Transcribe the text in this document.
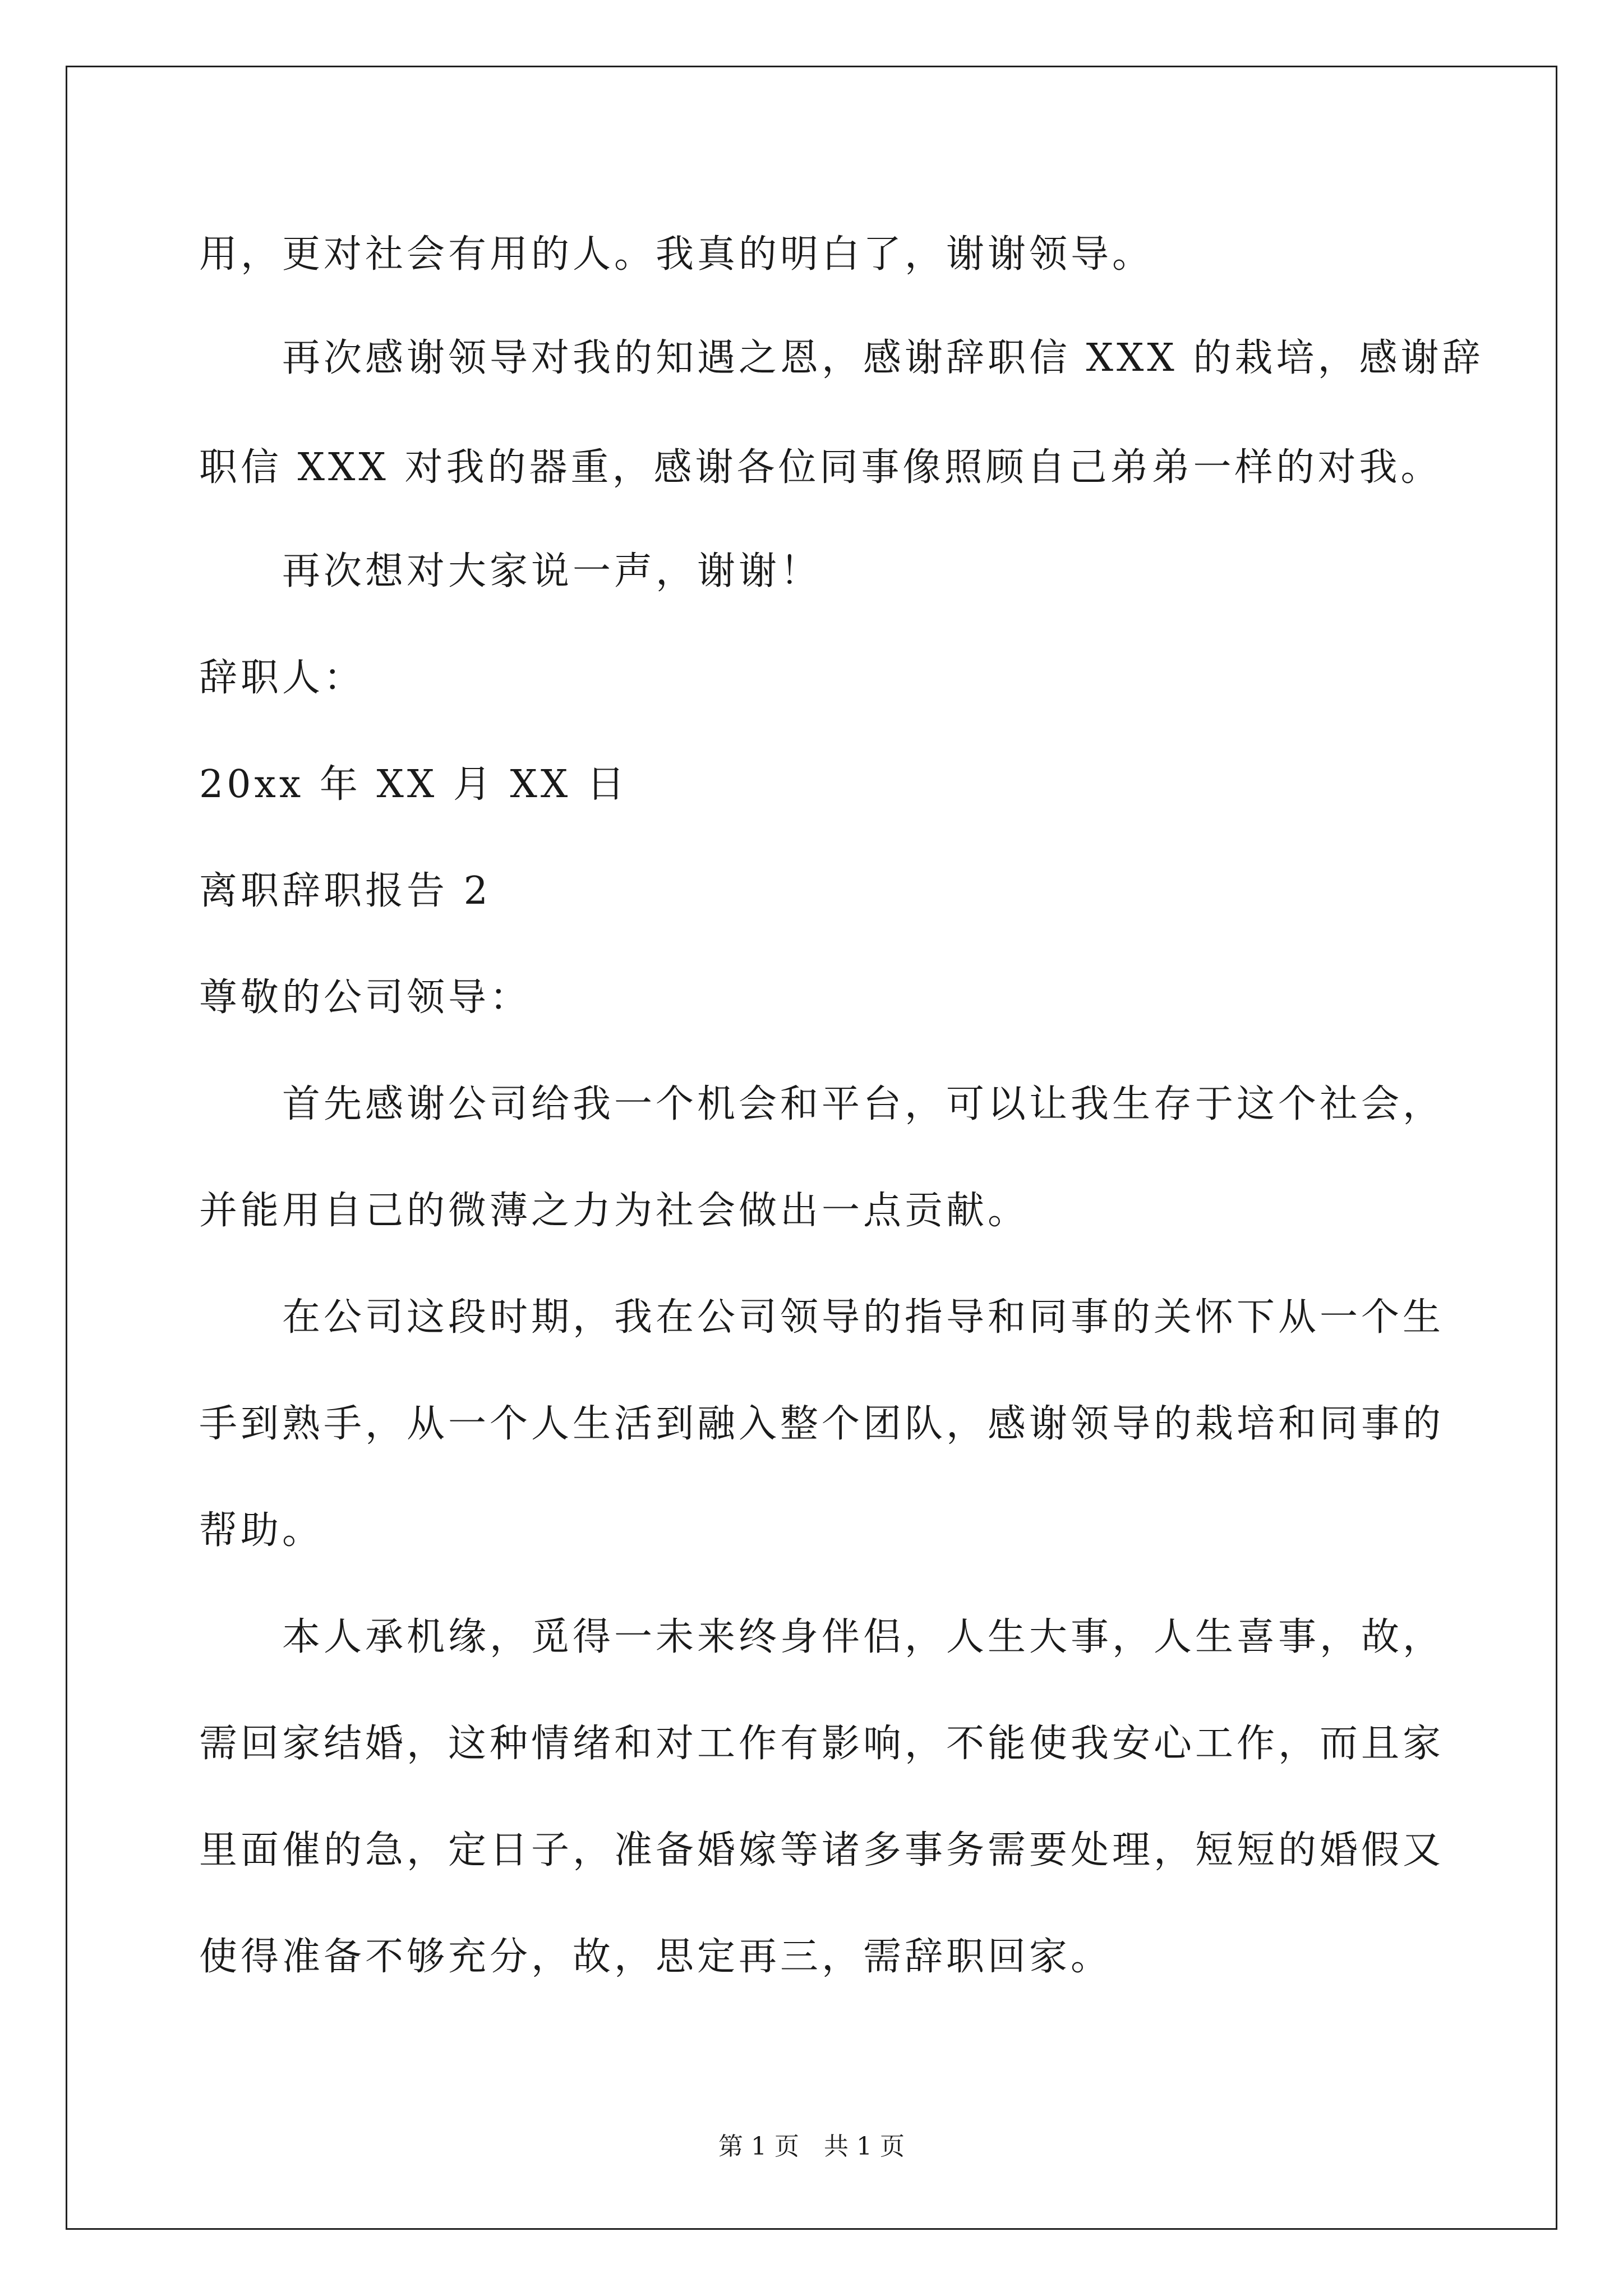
用，更对社会有用的人。我真的明白了，谢谢领导。
再次感谢领导对我的知遇之恩，感谢辞职信 XXX 的栽培，感谢辞
职信 XXX 对我的器重，感谢各位同事像照顾自己弟弟一样的对我。
再次想对大家说一声，谢谢！
辞职人：
20xx 年 XX 月 XX 日
离职辞职报告 2
尊敬的公司领导：
首先感谢公司给我一个机会和平台，可以让我生存于这个社会，
并能用自己的微薄之力为社会做出一点贡献。
在公司这段时期，我在公司领导的指导和同事的关怀下从一个生
手到熟手，从一个人生活到融入整个团队，感谢领导的栽培和同事的
帮助。
本人承机缘，觅得一未来终身伴侣，人生大事，人生喜事，故，
需回家结婚，这种情绪和对工作有影响，不能使我安心工作，而且家
里面催的急，定日子，准备婚嫁等诸多事务需要处理，短短的婚假又
使得准备不够充分，故，思定再三，需辞职回家。
第 1 页　共 1 页
